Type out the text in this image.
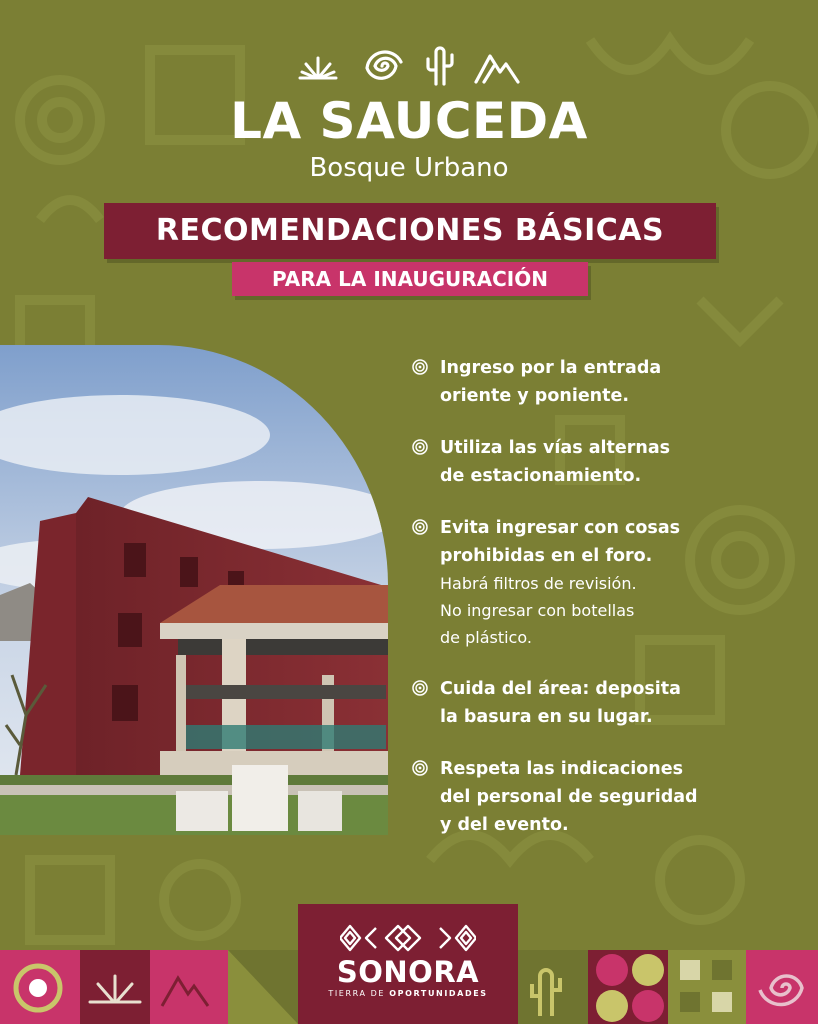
LA SAUCEDA
Bosque Urbano
RECOMENDACIONES BÁSICAS
PARA LA INAUGURACIÓN
Ingreso por la entrada
oriente y poniente.
Utiliza las vías alternas
de estacionamiento.
Evita ingresar con cosas
prohibidas en el foro.
Habrá filtros de revisión.
No ingresar con botellas
de plástico.
Cuida del área: deposita
la basura en su lugar.
Respeta las indicaciones
del personal de seguridad
y del evento.
SONORA
TIERRA DE OPORTUNIDADES
